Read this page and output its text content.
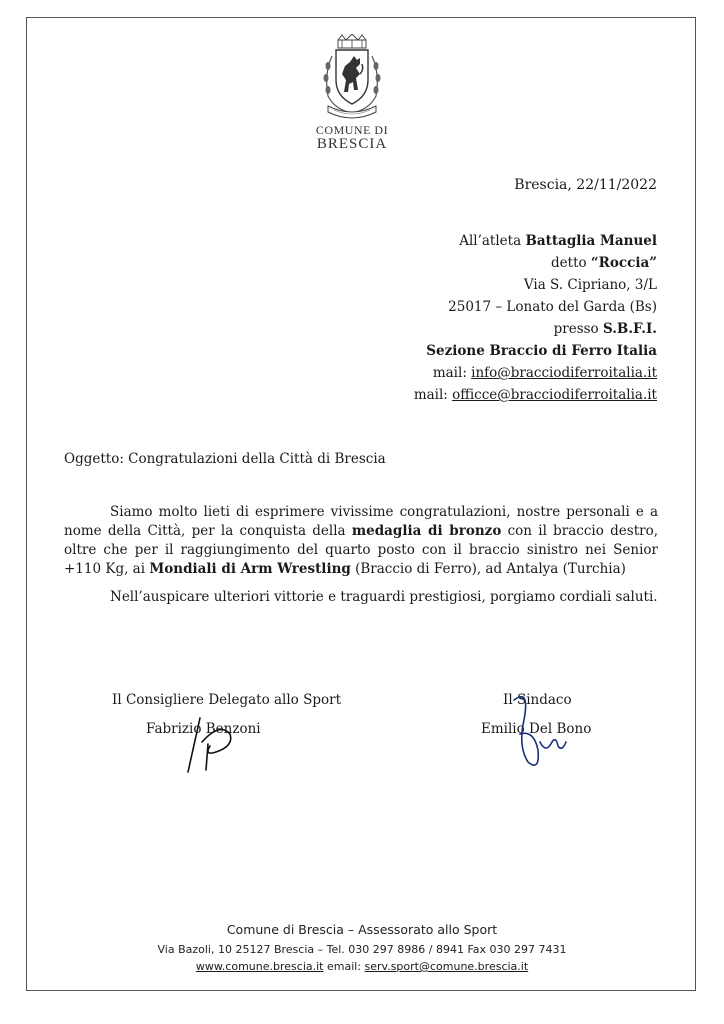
COMUNE DI
BRESCIA
Brescia, 22/11/2022
All’atleta Battaglia Manuel
detto “Roccia”
Via S. Cipriano, 3/L
25017 – Lonato del Garda (Bs)
presso S.B.F.I.
Sezione Braccio di Ferro Italia
mail: info@bracciodiferroitalia.it
mail: officce@bracciodiferroitalia.it
Oggetto: Congratulazioni della Città di Brescia

Siamo molto lieti di esprimere vivissime congratulazioni, nostre personali e a nome della Città, per la conquista della medaglia di bronzo con il braccio destro, oltre che per il raggiungimento del quarto posto con il braccio sinistro nei Senior +110 Kg, ai Mondiali di Arm Wrestling (Braccio di Ferro), ad Antalya (Turchia)

Nell’auspicare ulteriori vittorie e traguardi prestigiosi, porgiamo cordiali saluti.

Il Consigliere Delegato allo Sport
Fabrizio Benzoni
Il Sindaco
Emilio Del Bono
Comune di Brescia – Assessorato allo Sport
Via Bazoli, 10 25127 Brescia – Tel. 030 297 8986 / 8941 Fax 030 297 7431
www.comune.brescia.it email: serv.sport@comune.brescia.it
